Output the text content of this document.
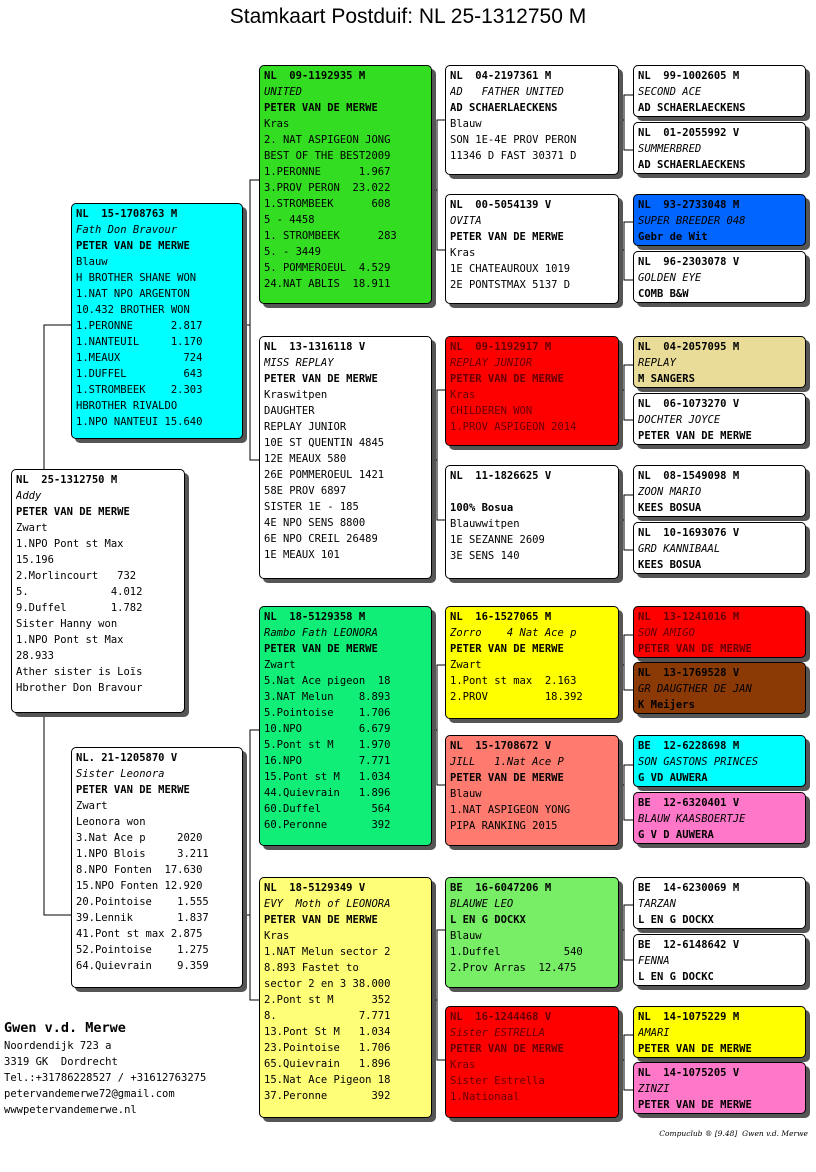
Stamkaart Postduif: NL 25-1312750 M
NL  25-1312750 M
Addy
PETER VAN DE MERWE
Zwart
1.NPO Pont st Max
15.196
2.Morlincourt   732
5.             4.012
9.Duffel       1.782
Sister Hanny won
1.NPO Pont st Max
28.933
Ather sister is Loïs
Hbrother Don Bravour
NL  15-1708763 M
Fath Don Bravour
PETER VAN DE MERWE
Blauw
H BROTHER SHANE WON
1.NAT NPO ARGENTON
10.432 BROTHER WON
1.PERONNE      2.817
1.NANTEUIL     1.170
1.MEAUX          724
1.DUFFEL         643
1.STROMBEEK    2.303
HBROTHER RIVALDO
1.NPO NANTEUI 15.640
NL. 21-1205870 V
Sister Leonora
PETER VAN DE MERWE
Zwart
Leonora won
3.Nat Ace p     2020
1.NPO Blois     3.211
8.NPO Fonten  17.630
15.NPO Fonten 12.920
20.Pointoise    1.555
39.Lennik       1.837
41.Pont st max 2.875
52.Pointoise    1.275
64.Quievrain    9.359
NL  09-1192935 M
UNITED
PETER VAN DE MERWE
Kras
2. NAT ASPIGEON JONG
BEST OF THE BEST2009
1.PERONNE      1.967
3.PROV PERON  23.022
1.STROMBEEK      608
5 - 4458
1. STROMBEEK      283
5. - 3449
5. POMMEROEUL  4.529
24.NAT ABLIS  18.911
NL  13-1316118 V
MISS REPLAY
PETER VAN DE MERWE
Kraswitpen
DAUGHTER
REPLAY JUNIOR
10E ST QUENTIN 4845
12E MEAUX 580
26E POMMEROEUL 1421
58E PROV 6897
SISTER 1E - 185
4E NPO SENS 8800
6E NPO CREIL 26489
1E MEAUX 101
NL  18-5129358 M
Rambo Fath LEONORA
PETER VAN DE MERWE
Zwart
5.Nat Ace pigeon  18
3.NAT Melun    8.893
5.Pointoise    1.706
10.NPO         6.679
5.Pont st M    1.970
16.NPO         7.771
15.Pont st M   1.034
44.Quievrain   1.896
60.Duffel        564
60.Peronne       392
NL  18-5129349 V
EVY  Moth of LEONORA
PETER VAN DE MERWE
Kras
1.NAT Melun sector 2
8.893 Fastet to
sector 2 en 3 38.000
2.Pont st M      352
8.             7.771
13.Pont St M   1.034
23.Pointoise   1.706
65.Quievrain   1.896
15.Nat Ace Pigeon 18
37.Peronne       392
NL  04-2197361 M
AD   FATHER UNITED
AD SCHAERLAECKENS
Blauw
SON 1E-4E PROV PERON
11346 D FAST 30371 D
NL  00-5054139 V
OVITA
PETER VAN DE MERWE
Kras
1E CHATEAUROUX 1019
2E PONTSTMAX 5137 D
NL  09-1192917 M
REPLAY JUNIOR
PETER VAN DE MERWE
Kras
CHILDEREN WON
1.PROV ASPIGEON 2014
NL  11-1826625 V
100% Bosua
Blauwwitpen
1E SEZANNE 2609
3E SENS 140
NL  16-1527065 M
Zorro    4 Nat Ace p
PETER VAN DE MERWE
Zwart
1.Pont st max  2.163
2.PROV         18.392
NL  15-1708672 V
JILL   1.Nat Ace P
PETER VAN DE MERWE
Blauw
1.NAT ASPIGEON YONG
PIPA RANKING 2015
BE  16-6047206 M
BLAUWE LEO
L EN G DOCKX
Blauw
1.Duffel          540
2.Prov Arras  12.475
NL  16-1244468 V
Sister ESTRELLA
PETER VAN DE MERWE
Kras
Sister Estrella
1.Nationaal
NL  99-1002605 M
SECOND ACE
AD SCHAERLAECKENS
NL  01-2055992 V
SUMMERBRED
AD SCHAERLAECKENS
NL  93-2733048 M
SUPER BREEDER 048
Gebr de Wit
NL  96-2303078 V
GOLDEN EYE
COMB B&W
NL  04-2057095 M
REPLAY
M SANGERS
NL  06-1073270 V
DOCHTER JOYCE
PETER VAN DE MERWE
NL  08-1549098 M
ZOON MARIO
KEES BOSUA
NL  10-1693076 V
GRD KANNIBAAL
KEES BOSUA
NL  13-1241016 M
SON AMIGO
PETER VAN DE MERWE
NL  13-1769528 V
GR DAUGTHER DE JAN
K Meijers
BE  12-6228698 M
SON GASTONS PRINCES
G VD AUWERA
BE  12-6320401 V
BLAUW KAASBOERTJE
G V D AUWERA
BE  14-6230069 M
TARZAN
L EN G DOCKX
BE  12-6148642 V
FENNA
L EN G DOCKC
NL  14-1075229 M
AMARI
PETER VAN DE MERWE
NL  14-1075205 V
ZINZI
PETER VAN DE MERWE
Gwen v.d. Merwe
Noordendijk 723 a
3319 GK  Dordrecht
Tel.:+31786228527 / +31612763275
petervandemerwe72@gmail.com
wwwpetervandemerwe.nl
Compuclub ® [9.48]  Gwen v.d. Merwe
